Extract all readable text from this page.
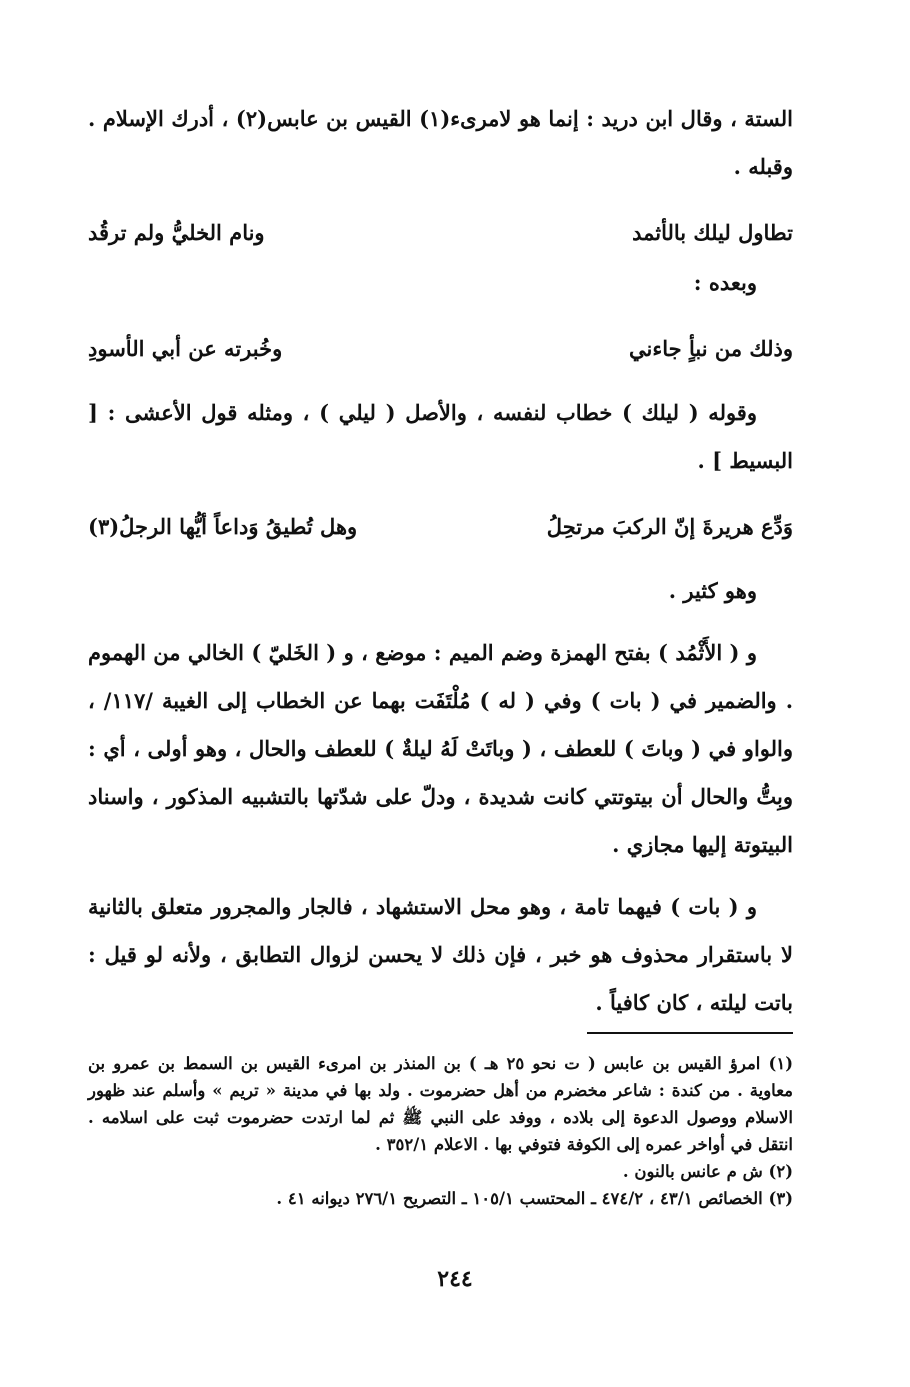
الستة ، وقال ابن دريد : إنما هو لامرىء(١) القيس بن عابس(٢) ، أدرك الإسلام . وقبله .

تطاول ليلك بالأثمد
ونام الخليُّ ولم ترقُد

وبعده :

وذلك من نبأٍ جاءني
وخُبرته عن أبي الأسودِ

وقوله ( ليلك ) خطاب لنفسه ، والأصل ( ليلي ) ، ومثله قول الأعشى : [ البسيط ] .

وَدِّع هريرةَ إنّ الركبَ مرتحِلُ
وهل تُطيقُ وَداعاً أيُّها الرجلُ(٣)

وهو كثير .

و ( الأَثْمُد ) بفتح الهمزة وضم الميم : موضع ، و ( الخَليّ ) الخالي من الهموم . والضمير في ( بات ) وفي ( له ) مُلْتَفَت بهما عن الخطاب إلى الغيبة /١١٧/ ، والواو في ( وباتَ ) للعطف ، ( وباتَتْ لَهُ ليلةٌ ) للعطف والحال ، وهو أولى ، أي : وبِتُّ والحال أن بيتوتتي كانت شديدة ، ودلّ على شدّتها بالتشبيه المذكور ، واسناد البيتوتة إليها مجازي .

و ( بات ) فيهما تامة ، وهو محل الاستشهاد ، فالجار والمجرور متعلق بالثانية لا باستقرار محذوف هو خبر ، فإن ذلك لا يحسن لزوال التطابق ، ولأنه لو قيل : باتت ليلته ، كان كافياً .

(١) امرؤ القيس بن عابس ( ت نحو ٢٥ هـ ) بن المنذر بن امرىء القيس بن السمط بن عمرو بن معاوية . من كندة : شاعر مخضرم من أهل حضرموت . ولد بها في مدينة « تريم » وأسلم عند ظهور الاسلام ووصول الدعوة إلى بلاده ، ووفد على النبي ﷺ ثم لما ارتدت حضرموت ثبت على اسلامه . انتقل في أواخر عمره إلى الكوفة فتوفي بها . الاعلام ٣٥٢/١ .

(٢) ش م عانس بالنون .

(٣) الخصائص ٤٣/١ ، ٤٧٤/٢ ـ المحتسب ١٠٥/١ ـ التصريح ٢٧٦/١ ديوانه ٤١ .

٢٤٤
